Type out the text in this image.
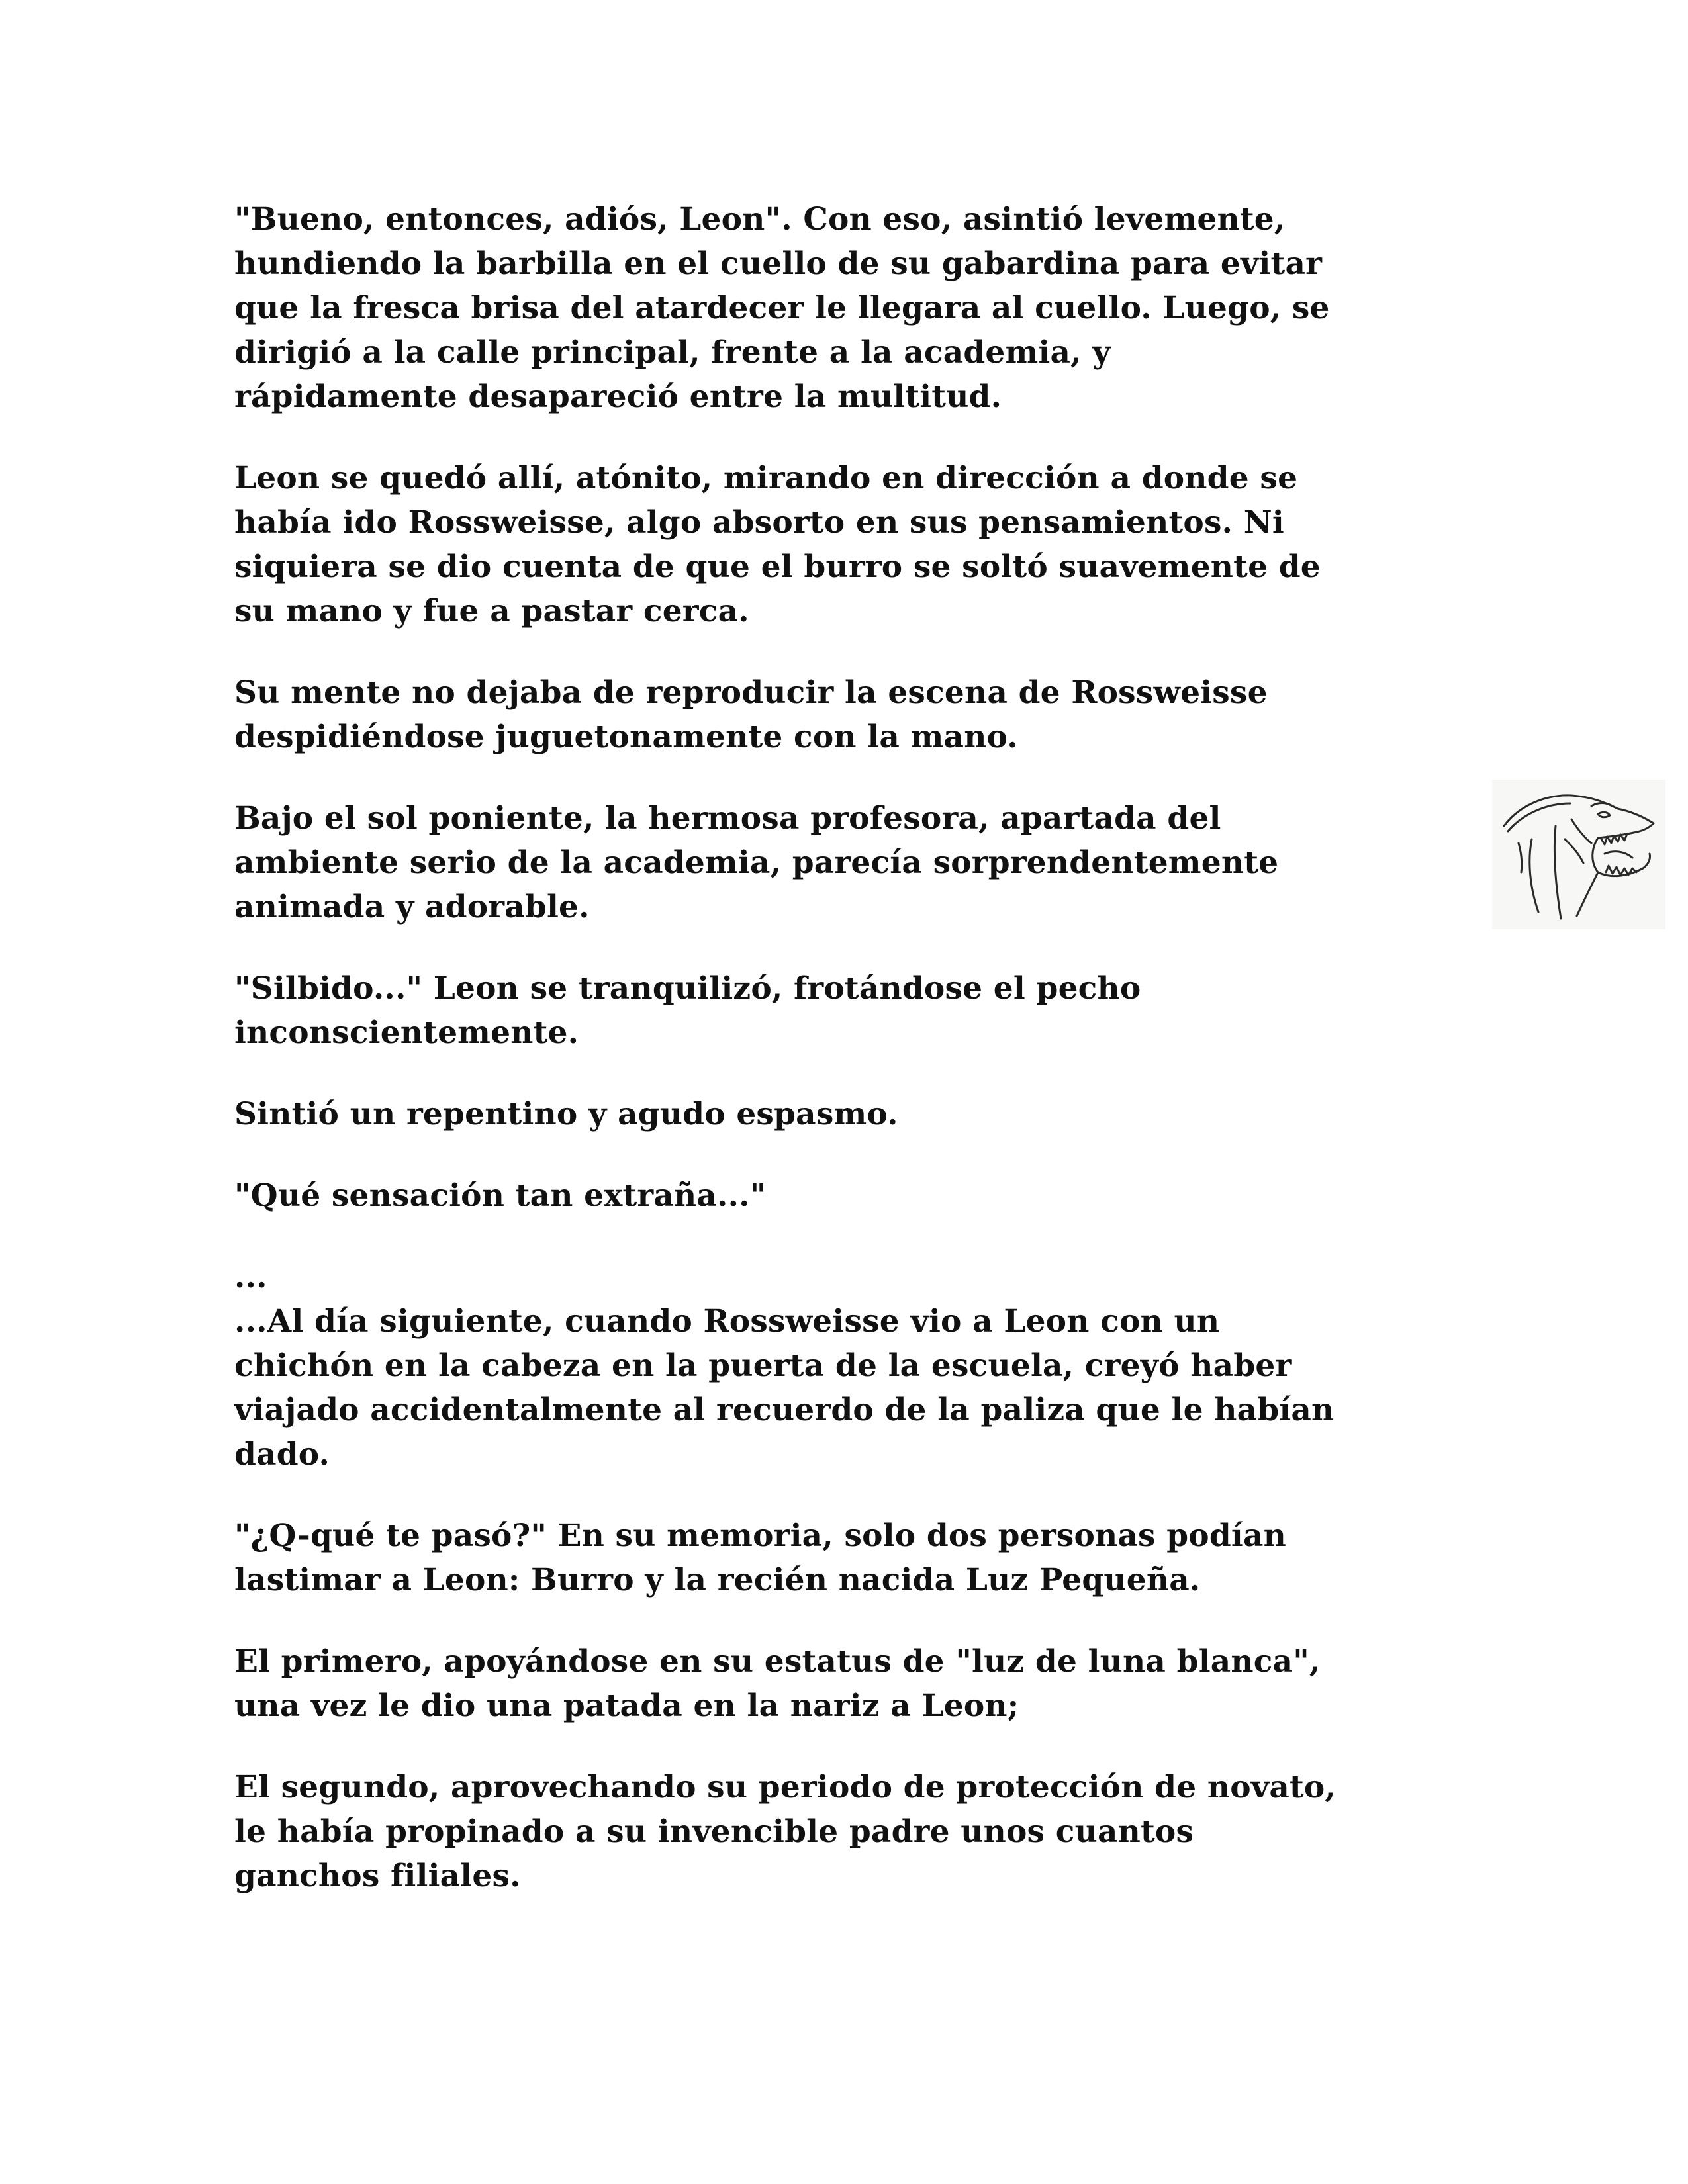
"Bueno, entonces, adiós, Leon". Con eso, asintió levemente,
hundiendo la barbilla en el cuello de su gabardina para evitar
que la fresca brisa del atardecer le llegara al cuello. Luego, se
dirigió a la calle principal, frente a la academia, y
rápidamente desapareció entre la multitud.

Leon se quedó allí, atónito, mirando en dirección a donde se
había ido Rossweisse, algo absorto en sus pensamientos. Ni
siquiera se dio cuenta de que el burro se soltó suavemente de
su mano y fue a pastar cerca.

Su mente no dejaba de reproducir la escena de Rossweisse
despidiéndose juguetonamente con la mano.

Bajo el sol poniente, la hermosa profesora, apartada del
ambiente serio de la academia, parecía sorprendentemente
animada y adorable.

"Silbido..." Leon se tranquilizó, frotándose el pecho
inconscientemente.

Sintió un repentino y agudo espasmo.

"Qué sensación tan extraña..."

...

...Al día siguiente, cuando Rossweisse vio a Leon con un
chichón en la cabeza en la puerta de la escuela, creyó haber
viajado accidentalmente al recuerdo de la paliza que le habían
dado.

"¿Q-qué te pasó?" En su memoria, solo dos personas podían
lastimar a Leon: Burro y la recién nacida Luz Pequeña.

El primero, apoyándose en su estatus de "luz de luna blanca",
una vez le dio una patada en la nariz a Leon;

El segundo, aprovechando su periodo de protección de novato,
le había propinado a su invencible padre unos cuantos
ganchos filiales.
